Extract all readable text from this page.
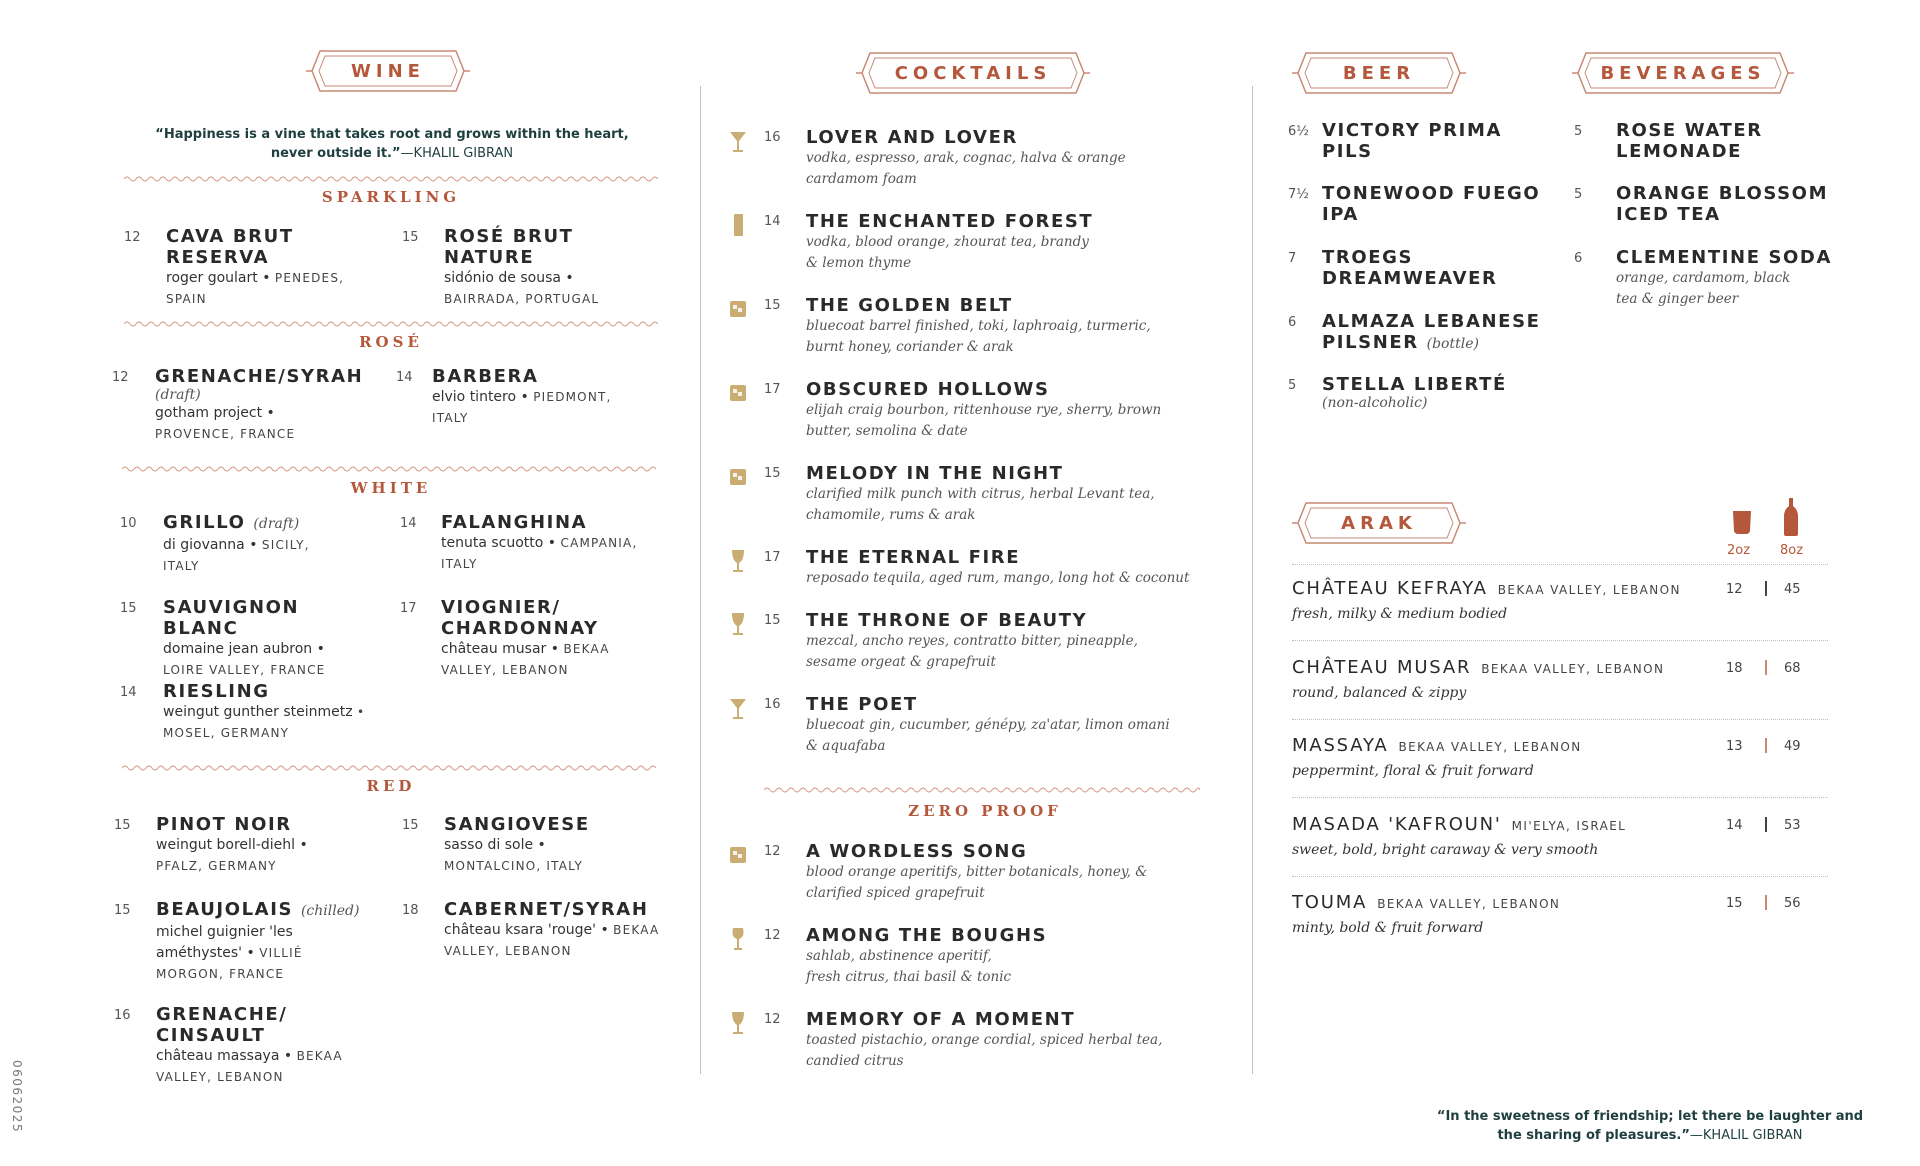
WINE
“Happiness is a vine that takes root and grows within the heart, never outside it.”—KHALIL GIBRAN
SPARKLING
12 CAVA BRUT RESERVA
roger goulart • PENEDES, SPAIN
15 ROSÉ BRUT NATURE
sidónio de sousa • BAIRRADA, PORTUGAL
ROSÉ
12 GRENACHE/SYRAH
(draft)
gotham project • PROVENCE, FRANCE
14 BARBERA
elvio tintero • PIEDMONT, ITALY
WHITE
10 GRILLO (draft)
di giovanna • SICILY, ITALY
14 FALANGHINA
tenuta scuotto • CAMPANIA, ITALY
15 SAUVIGNON BLANC
domaine jean aubron • LOIRE VALLEY, FRANCE
17 VIOGNIER/ CHARDONNAY
château musar • BEKAA VALLEY, LEBANON
14 RIESLING
weingut gunther steinmetz • MOSEL, GERMANY
RED
15 PINOT NOIR
weingut borell-diehl • PFALZ, GERMANY
15 SANGIOVESE
sasso di sole • MONTALCINO, ITALY
15 BEAUJOLAIS (chilled)
michel guignier 'les améthystes' • VILLIÉ MORGON, FRANCE
18 CABERNET/SYRAH
château ksara 'rouge' • BEKAA VALLEY, LEBANON
16 GRENACHE/ CINSAULT
château massaya • BEKAA VALLEY, LEBANON
COCKTAILS
16 LOVER AND LOVER
vodka, espresso, arak, cognac, halva & orange
cardamom foam
14 THE ENCHANTED FOREST
vodka, blood orange, zhourat tea, brandy
& lemon thyme
15 THE GOLDEN BELT
bluecoat barrel finished, toki, laphroaig, turmeric,
burnt honey, coriander & arak
17 OBSCURED HOLLOWS
elijah craig bourbon, rittenhouse rye, sherry, brown
butter, semolina & date
15 MELODY IN THE NIGHT
clarified milk punch with citrus, herbal Levant tea,
chamomile, rums & arak
17 THE ETERNAL FIRE
reposado tequila, aged rum, mango, long hot & coconut
15 THE THRONE OF BEAUTY
mezcal, ancho reyes, contratto bitter, pineapple,
sesame orgeat & grapefruit
16 THE POET
bluecoat gin, cucumber, génépy, za'atar, limon omani
& aquafaba
ZERO PROOF
12 A WORDLESS SONG
blood orange aperitifs, bitter botanicals, honey, &
clarified spiced grapefruit
12 AMONG THE BOUGHS
sahlab, abstinence aperitif,
fresh citrus, thai basil & tonic
12 MEMORY OF A MOMENT
toasted pistachio, orange cordial, spiced herbal tea,
candied citrus
BEER
6½ VICTORY PRIMA
PILS
7½ TONEWOOD FUEGO
IPA
7 TROEGS
DREAMWEAVER
6 ALMAZA LEBANESE
PILSNER (bottle)
5 STELLA LIBERTÉ
(non-alcoholic)
BEVERAGES
5 ROSE WATER
LEMONADE
5 ORANGE BLOSSOM
ICED TEA
6 CLEMENTINE SODA
orange, cardamom, black
tea & ginger beer
ARAK
2oz 8oz
CHÂTEAU KEFRAYA BEKAA VALLEY, LEBANON	12	45
fresh, milky & medium bodied
CHÂTEAU MUSAR BEKAA VALLEY, LEBANON	18	68
round, balanced & zippy
MASSAYA BEKAA VALLEY, LEBANON	13	49
peppermint, floral & fruit forward
MASADA 'KAFROUN' MI'ELYA, ISRAEL	14	53
sweet, bold, bright caraway & very smooth
TOUMA BEKAA VALLEY, LEBANON	15	56
minty, bold & fruit forward
“In the sweetness of friendship; let there be laughter and the sharing of pleasures.”—KHALIL GIBRAN
06062025
